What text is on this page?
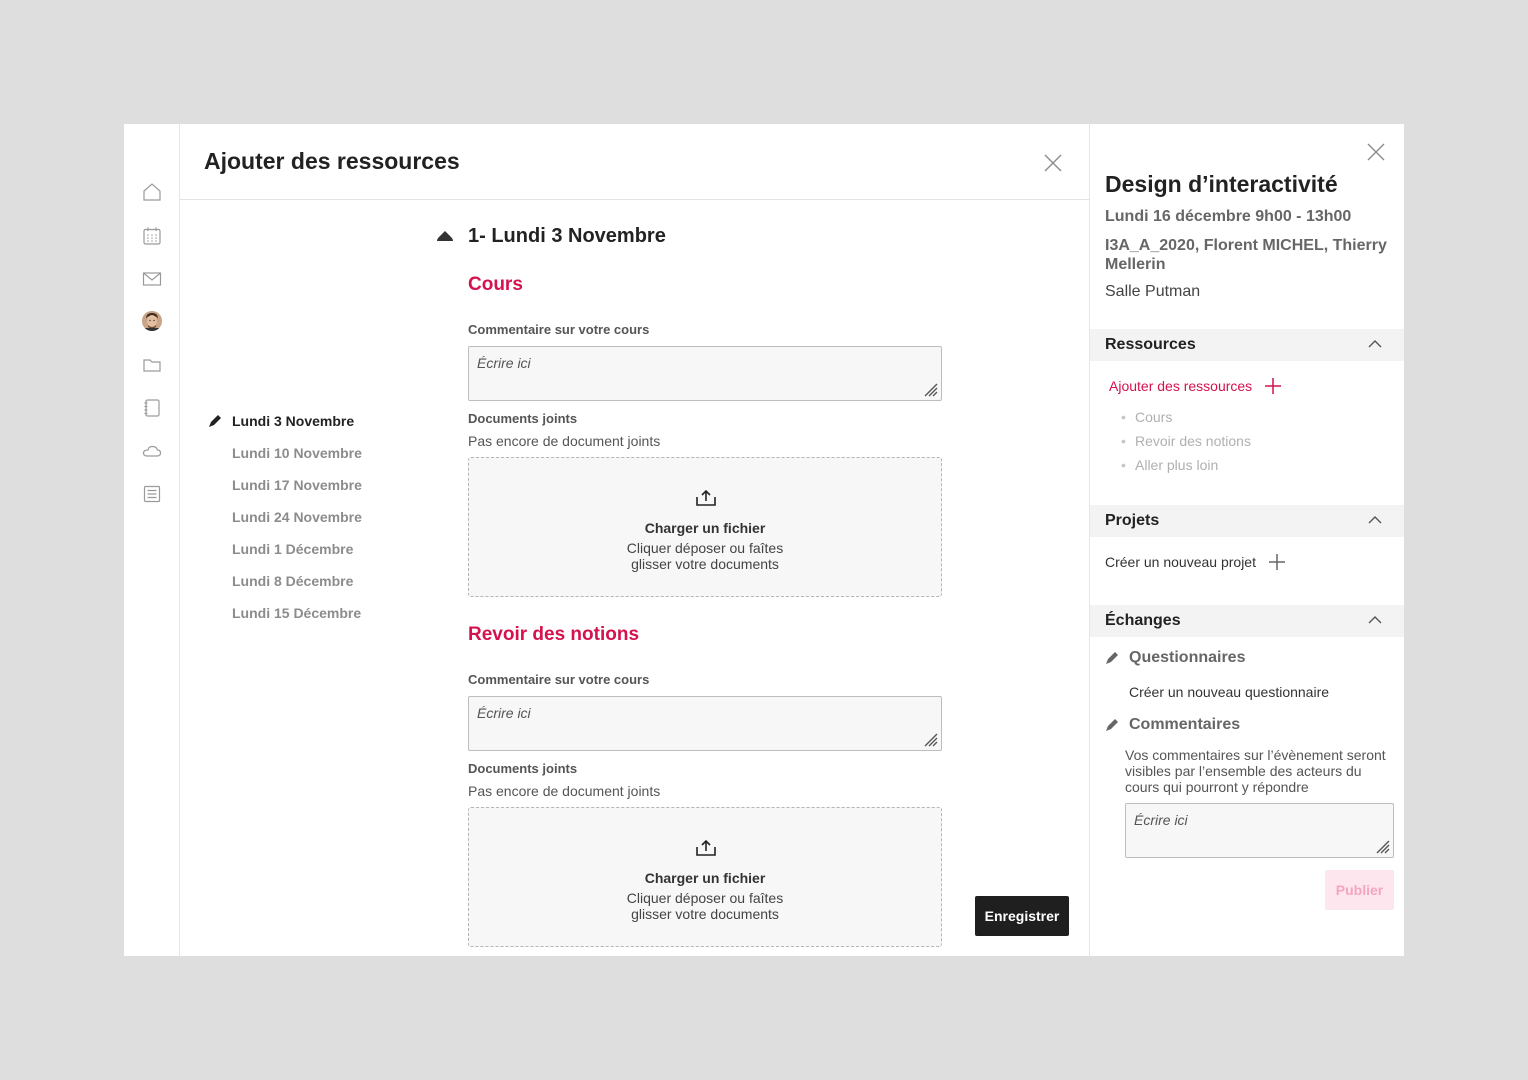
Ajouter des ressources
Lundi 3 Novembre
Lundi 10 Novembre
Lundi 17 Novembre
Lundi 24 Novembre
Lundi 1 Décembre
Lundi 8 Décembre
Lundi 15 Décembre
1- Lundi 3 Novembre
Cours
Commentaire sur votre cours
Écrire ici
Documents joints
Pas encore de document joints
Charger un fichier
Cliquer déposer ou faîtes
glisser votre documents
Revoir des notions
Commentaire sur votre cours
Écrire ici
Documents joints
Pas encore de document joints
Charger un fichier
Cliquer déposer ou faîtes
glisser votre documents	Enregistrer
Design d’interactivité
Lundi 16 décembre 9h00 - 13h00
I3A_A_2020, Florent MICHEL, Thierry Mellerin
Salle Putman
Ressources
Ajouter des ressources
• Cours
• Revoir des notions
• Aller plus loin
Projets
Créer un nouveau projet
Échanges
Questionnaires
Créer un nouveau questionnaire
Commentaires
Vos commentaires sur l’évènement seront
visibles par l’ensemble des acteurs du
cours qui pourront y répondre
Écrire ici
Publier
